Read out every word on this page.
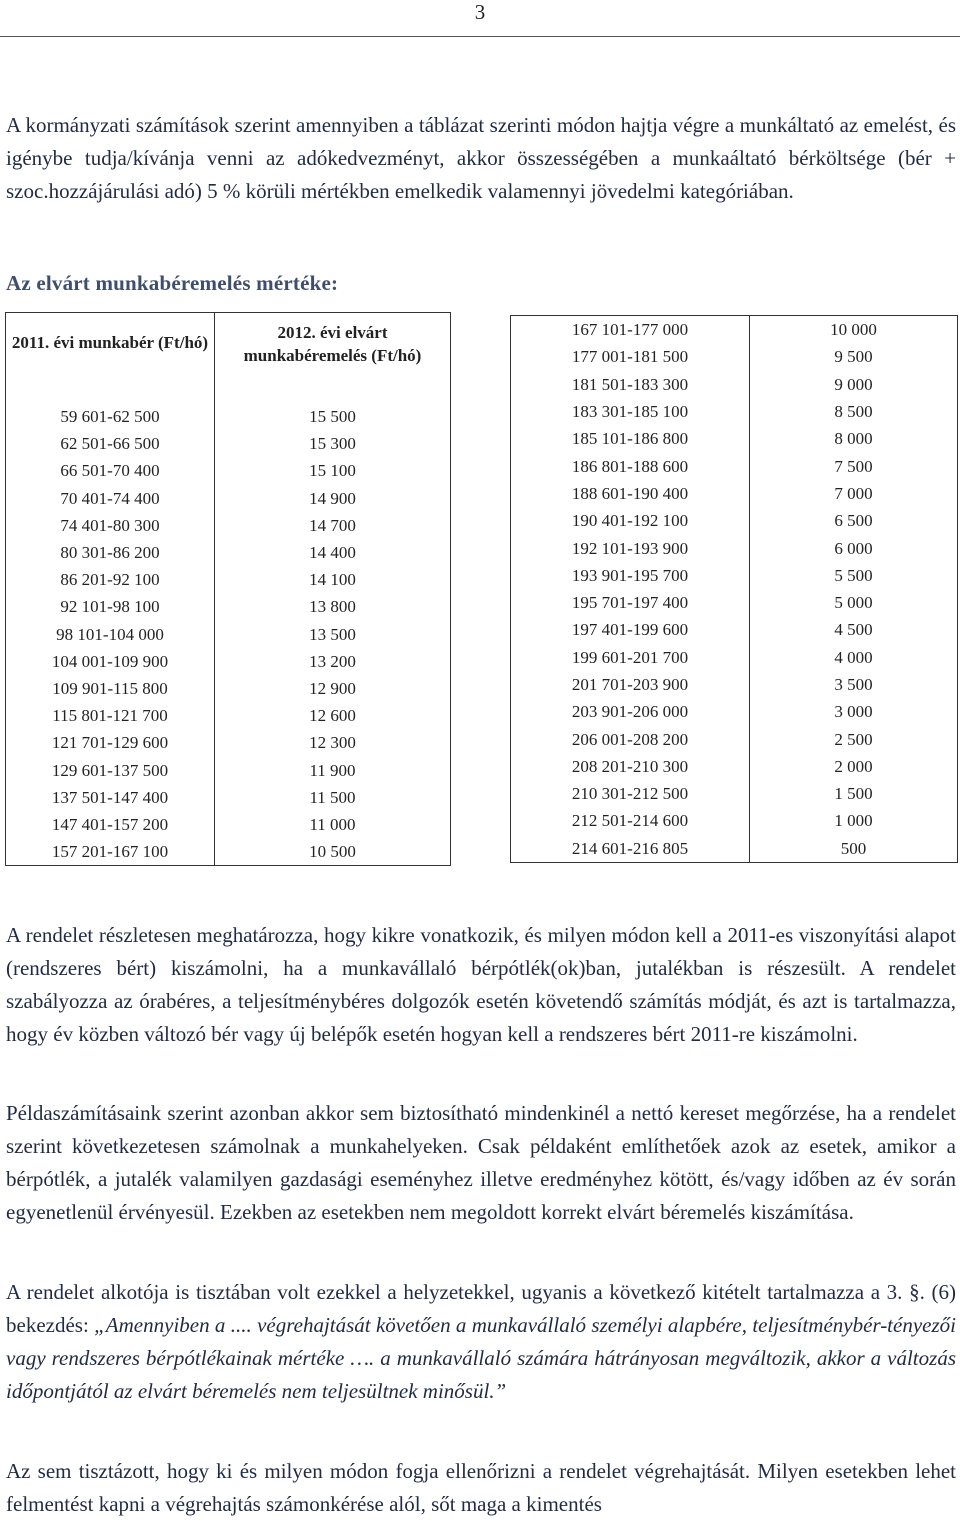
3

A kormányzati számítások szerint amennyiben a táblázat szerinti módon hajtja végre a munkáltató az emelést, és igénybe tudja/kívánja venni az adókedvezményt, akkor összességében a munkaáltató bérköltsége (bér + szoc.hozzájárulási adó) 5 % körüli mértékben emelkedik valamennyi jövedelmi kategóriában.

Az elvárt munkabéremelés mértéke:
2011. évi munkabér (Ft/hó)	2012. évi elvárt munkabéremelés (Ft/hó)
59 601-62 500	15 500
62 501-66 500	15 300
66 501-70 400	15 100
70 401-74 400	14 900
74 401-80 300	14 700
80 301-86 200	14 400
86 201-92 100	14 100
92 101-98 100	13 800
98 101-104 000	13 500
104 001-109 900	13 200
109 901-115 800	12 900
115 801-121 700	12 600
121 701-129 600	12 300
129 601-137 500	11 900
137 501-147 400	11 500
147 401-157 200	11 000
157 201-167 100	10 500
167 101-177 000	10 000
177 001-181 500	9 500
181 501-183 300	9 000
183 301-185 100	8 500
185 101-186 800	8 000
186 801-188 600	7 500
188 601-190 400	7 000
190 401-192 100	6 500
192 101-193 900	6 000
193 901-195 700	5 500
195 701-197 400	5 000
197 401-199 600	4 500
199 601-201 700	4 000
201 701-203 900	3 500
203 901-206 000	3 000
206 001-208 200	2 500
208 201-210 300	2 000
210 301-212 500	1 500
212 501-214 600	1 000
214 601-216 805	500

A rendelet részletesen meghatározza, hogy kikre vonatkozik, és milyen módon kell a 2011-es viszonyítási alapot (rendszeres bért) kiszámolni, ha a munkavállaló bérpótlék(ok)ban, jutalékban is részesült. A rendelet szabályozza az órabéres, a teljesítménybéres dolgozók esetén követendő számítás módját, és azt is tartalmazza, hogy év közben változó bér vagy új belépők esetén hogyan kell a rendszeres bért 2011-re kiszámolni.

Példaszámításaink szerint azonban akkor sem biztosítható mindenkinél a nettó kereset megőrzése, ha a rendelet szerint következetesen számolnak a munkahelyeken. Csak példaként említhetőek azok az esetek, amikor a bérpótlék, a jutalék valamilyen gazdasági eseményhez illetve eredményhez kötött, és/vagy időben az év során egyenetlenül érvényesül. Ezekben az esetekben nem megoldott korrekt elvárt béremelés kiszámítása.

A rendelet alkotója is tisztában volt ezekkel a helyzetekkel, ugyanis a következő kitételt tartalmazza a 3. §. (6) bekezdés: „Amennyiben a .... végrehajtását követően a munkavállaló személyi alapbére, teljesítménybér-tényezői vagy rendszeres bérpótlékainak mértéke …. a munkavállaló számára hátrányosan megváltozik, akkor a változás időpontjától az elvárt béremelés nem teljesültnek minősül.”

Az sem tisztázott, hogy ki és milyen módon fogja ellenőrizni a rendelet végrehajtását. Milyen esetekben lehet felmentést kapni a végrehajtás számonkérése alól, sőt maga a kimentés
